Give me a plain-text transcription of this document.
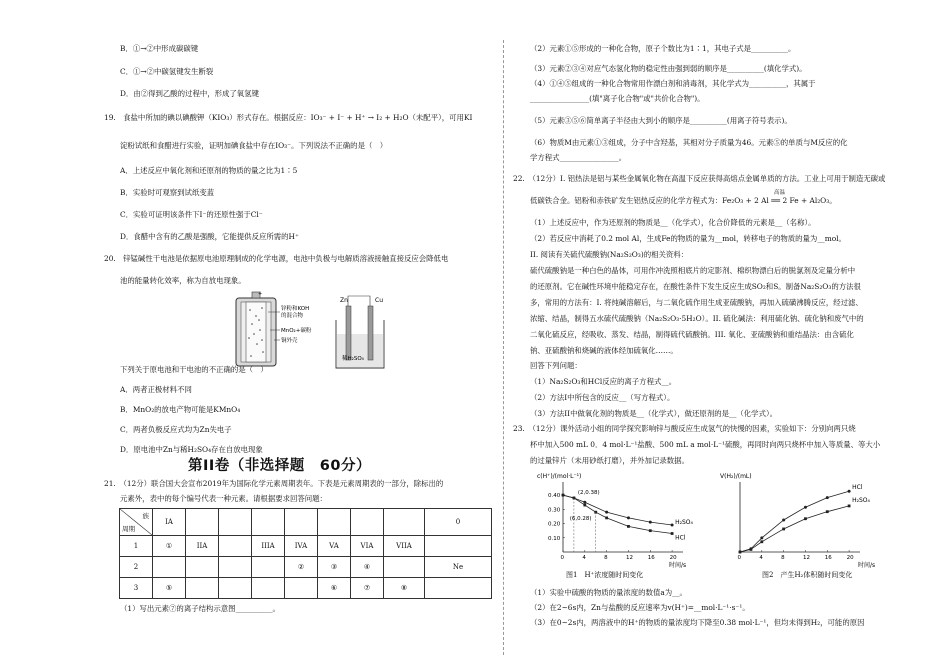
B．①→②中形成碳碳键
C．①→②中碳氢键发生断裂
D．由②得到乙酸的过程中，形成了氧氢键
19.　食盐中所加的碘以碘酸钾（KIO₃）形式存在。根据反应：IO₃⁻ + I⁻ + H⁺ → I₂ + H₂O（未配平），可用KI
淀粉试纸和食醋进行实验，证明加碘食盐中存在IO₃⁻。下列说法不正确的是（　）
A．上述反应中氧化剂和还原剂的物质的量之比为1∶5
B．实验时可观察到试纸变蓝
C．实验可证明该条件下I⁻的还原性强于Cl⁻
D．食醋中含有的乙酸是强酸，它能提供反应所需的H⁺
20.　锌锰碱性干电池是依据原电池原理制成的化学电源，电池中负极与电解质溶液接触直接反应会降低电
池的能量转化效率，称为自放电现象。
+
锌粉和KOH
的混合物
MnO₂+碳粉
铜外壳
Zn	Cu
稀H₂SO₄
下列关于原电池和干电池的不正确的是（　）
A．两者正极材料不同
B．MnO₂的放电产物可能是KMnO₄
C．两者负极反应式均为Zn失电子
D．原电池中Zn与稀H₂SO₄存在自放电现象
第II卷（非选择题　60分）
21.　（12分）联合国大会宣布2019年为国际化学元素周期表年。下表是元素周期表的一部分，除标出的
元素外，表中的每个编号代表一种元素。请根据要求回答问题：
族
周期	IA								0
1	①	IIA		IIIA	IVA	VA	VIA	VIIA	
2					②	③	④		Ne
3	⑤					⑥	⑦	⑧	
（1）写出元素⑦的离子结构示意图__________。
（2）元素①⑤形成的一种化合物，原子个数比为1∶1，其电子式是__________。
（3）元素②③④对应气态氢化物的稳定性由强到弱的顺序是__________(填化学式)。
（4）①④⑤组成的一种化合物常用作漂白剂和消毒剂，其化学式为__________，其属于
________________(填"离子化合物"或"共价化合物")。
（5）元素③⑤⑥简单离子半径由大到小的顺序是__________(用离子符号表示)。
（6）物质M由元素①③组成，分子中含羟基，其相对分子质量为46。元素⑤的单质与M反应的化
学方程式________________。
22.　（12分）I. 铝热法是铝与某些金属氧化物在高温下反应获得高熔点金属单质的方法。工业上可用于制造无碳或
低碳铁合金。铝粉和赤铁矿发生铝热反应的化学方程式为：Fe₂O₃ + 2 Al ══ 2 Fe + Al₂O₃。
高温
（1）上述反应中，作为还原剂的物质是__（化学式），化合价降低的元素是__（名称）。
（2）若反应中消耗了0.2 mol Al，生成Fe的物质的量为__mol，转移电子的物质的量为__mol。
II. 阅读有关硫代硫酸钠(Na₂S₂O₃)的相关资料：
硫代硫酸钠是一种白色的晶体，可用作冲洗照相底片的定影剂、棉织物漂白后的脱氯剂及定量分析中
的还原剂。它在碱性环境中能稳定存在，在酸性条件下发生反应生成SO₂和S。制备Na₂S₂O₃的方法很
多，常用的方法有：I. 将纯碱溶解后，与二氧化硫作用生成亚硫酸钠，再加入硫磺沸腾反应，经过滤、
浓缩、结晶，制得五水硫代硫酸钠（Na₂S₂O₃·5H₂O）。II. 硫化碱法：利用硫化钠、硫化钠和废气中的
二氧化硫反应，经吸收、蒸发、结晶，制得硫代硫酸钠。III. 氧化、亚硫酸钠和重结晶法：由含硫化
钠、亚硫酸钠和烧碱的液体经加硫氧化……。
回答下列问题：
（1）Na₂S₂O₃和HCl反应的离子方程式__。
（2）方法I中所包含的反应__（写方程式）。
（3）方法II中做氧化剂的物质是__（化学式），做还原剂的是__（化学式）。
23.　（12分）课外活动小组的同学探究影响锌与酸反应生成氢气的快慢的因素，实验如下：分别向两只烧
杯中加入500 mL 0．4 mol·L⁻¹盐酸、500 mL a mol·L⁻¹硫酸，再同时向两只烧杯中加入等质量、等大小
的过量锌片（未用砂纸打磨），并外加记录数据。
c(H⁺)/(mol·L⁻¹)
时间/s
0	4	8	12	16	20
0.10
0.20
0.30
0.40
H₂SO₄
HCl
(2,0.38)
(6,0.28)
图1　H⁺浓度随时间变化
V(H₂)/(mL)
时间/s
0	4	8	12	16	20
HCl
H₂SO₄
图2　产生H₂体积随时间变化
（1）实验中硫酸的物质的量浓度的数值a为__。
（2）在2~6s内，Zn与盐酸的反应速率为v(H⁺)=__mol·L⁻¹·s⁻¹。
（3）在0~2s内，两溶液中的H⁺的物质的量浓度均下降至0.38 mol·L⁻¹，但均未得到H₂，可能的原因
